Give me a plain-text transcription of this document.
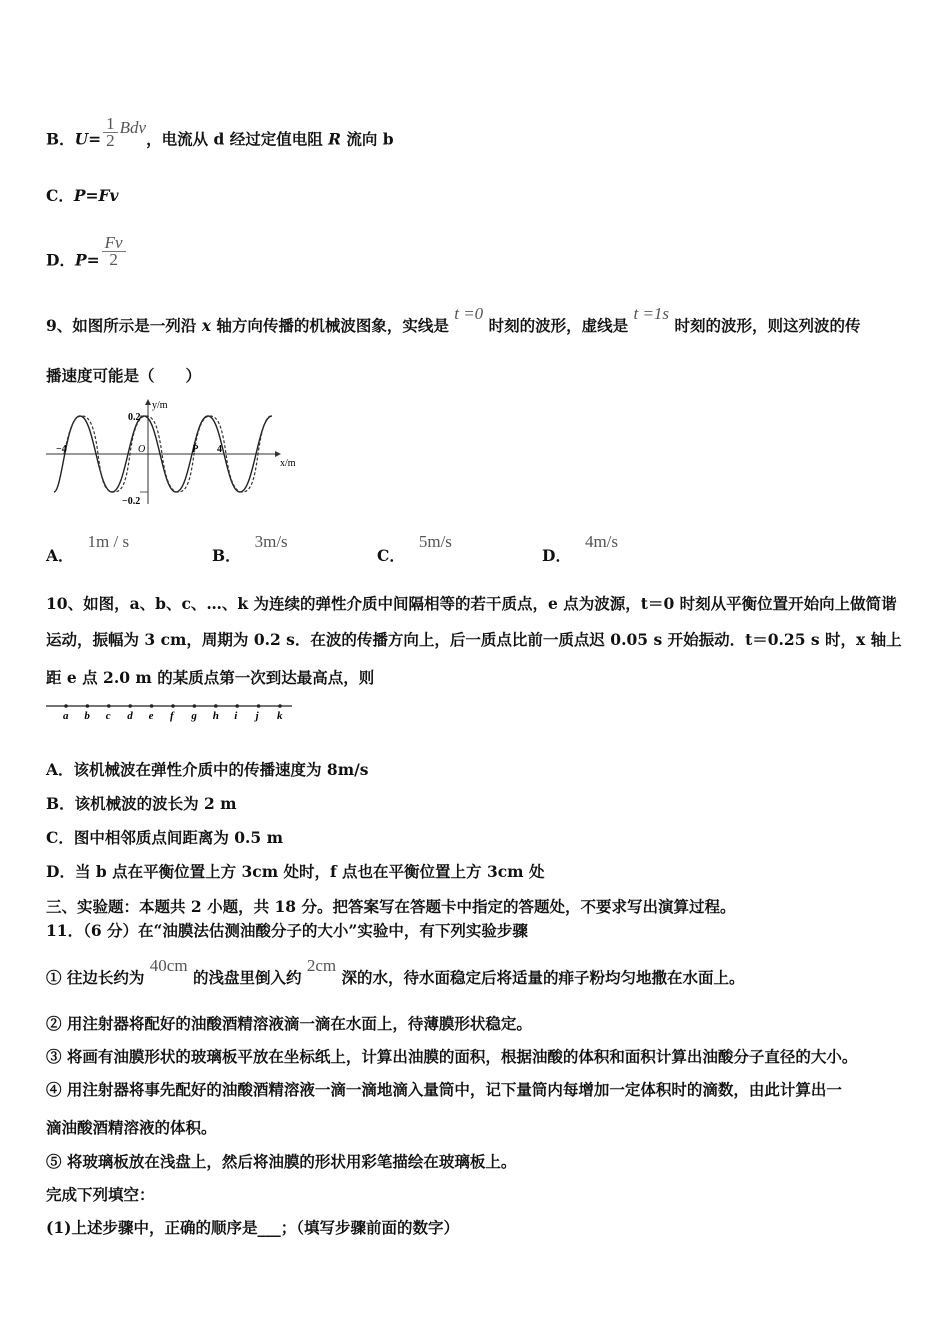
B．$U= \frac{1}{2}$ Bdv，电流从 d 经过定值电阻 R 流向 b
C．P=Fv
D．$P= \frac{Fv}{2}$
9、如图所示是一列沿 x 轴方向传播的机械波图象，实线是 t =0 时刻的波形，虚线是 t =1s 时刻的波形，则这列波的传
播速度可能是（　　）
y/m
x/m
0.2
−0.2
−4	O	P 4
A．1m / s
B．3m/s
C．5m/s
D．4m/s
10、如图，a、b、c、…、k 为连续的弹性介质中间隔相等的若干质点，e 点为波源，t＝0 时刻从平衡位置开始向上做简谐
运动，振幅为 3 cm，周期为 0.2 s．在波的传播方向上，后一质点比前一质点迟 0.05 s 开始振动．t＝0.25 s 时，x 轴上
距 e 点 2.0 m 的某质点第一次到达最高点，则
a b c d e f g h i j k
A．该机械波在弹性介质中的传播速度为 8m/s
B．该机械波的波长为 2 m
C．图中相邻质点间距离为 0.5 m
D．当 b 点在平衡位置上方 3cm 处时，f 点也在平衡位置上方 3cm 处
三、实验题：本题共 2 小题，共 18 分。把答案写在答题卡中指定的答题处，不要求写出演算过程。
11．（6 分）在“油膜法估测油酸分子的大小”实验中，有下列实验步骤
① 往边长约为 40cm 的浅盘里倒入约 2cm 深的水，待水面稳定后将适量的痱子粉均匀地撒在水面上。
② 用注射器将配好的油酸酒精溶液滴一滴在水面上，待薄膜形状稳定。
③ 将画有油膜形状的玻璃板平放在坐标纸上，计算出油膜的面积，根据油酸的体积和面积计算出油酸分子直径的大小。
④ 用注射器将事先配好的油酸酒精溶液一滴一滴地滴入量筒中，记下量筒内每增加一定体积时的滴数，由此计算出一
滴油酸酒精溶液的体积。
⑤ 将玻璃板放在浅盘上，然后将油膜的形状用彩笔描绘在玻璃板上。
完成下列填空：
(1)上述步骤中，正确的顺序是___；（填写步骤前面的数字）
